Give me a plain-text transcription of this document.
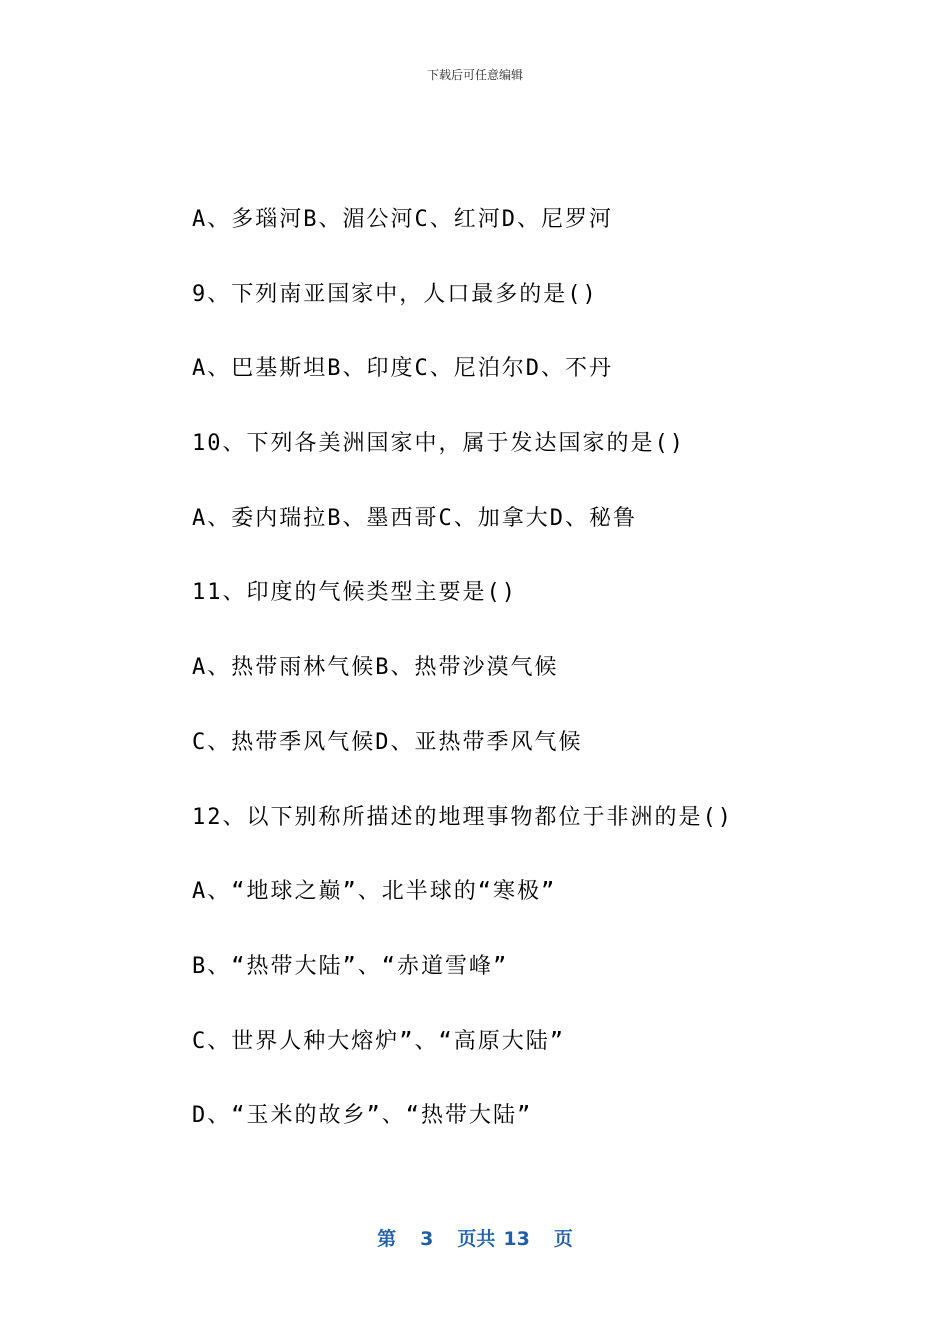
下载后可任意编辑
A、多瑙河B、湄公河C、红河D、尼罗河
9、下列南亚国家中，人口最多的是()
A、巴基斯坦B、印度C、尼泊尔D、不丹
10、下列各美洲国家中，属于发达国家的是()
A、委内瑞拉B、墨西哥C、加拿大D、秘鲁
11、印度的气候类型主要是()
A、热带雨林气候B、热带沙漠气候
C、热带季风气候D、亚热带季风气候
12、以下别称所描述的地理事物都位于非洲的是()
A、“地球之巅”、北半球的“寒极”
B、“热带大陆”、“赤道雪峰”
C、世界人种大熔炉”、“高原大陆”
D、“玉米的故乡”、“热带大陆”
第 3 页共 13 页
